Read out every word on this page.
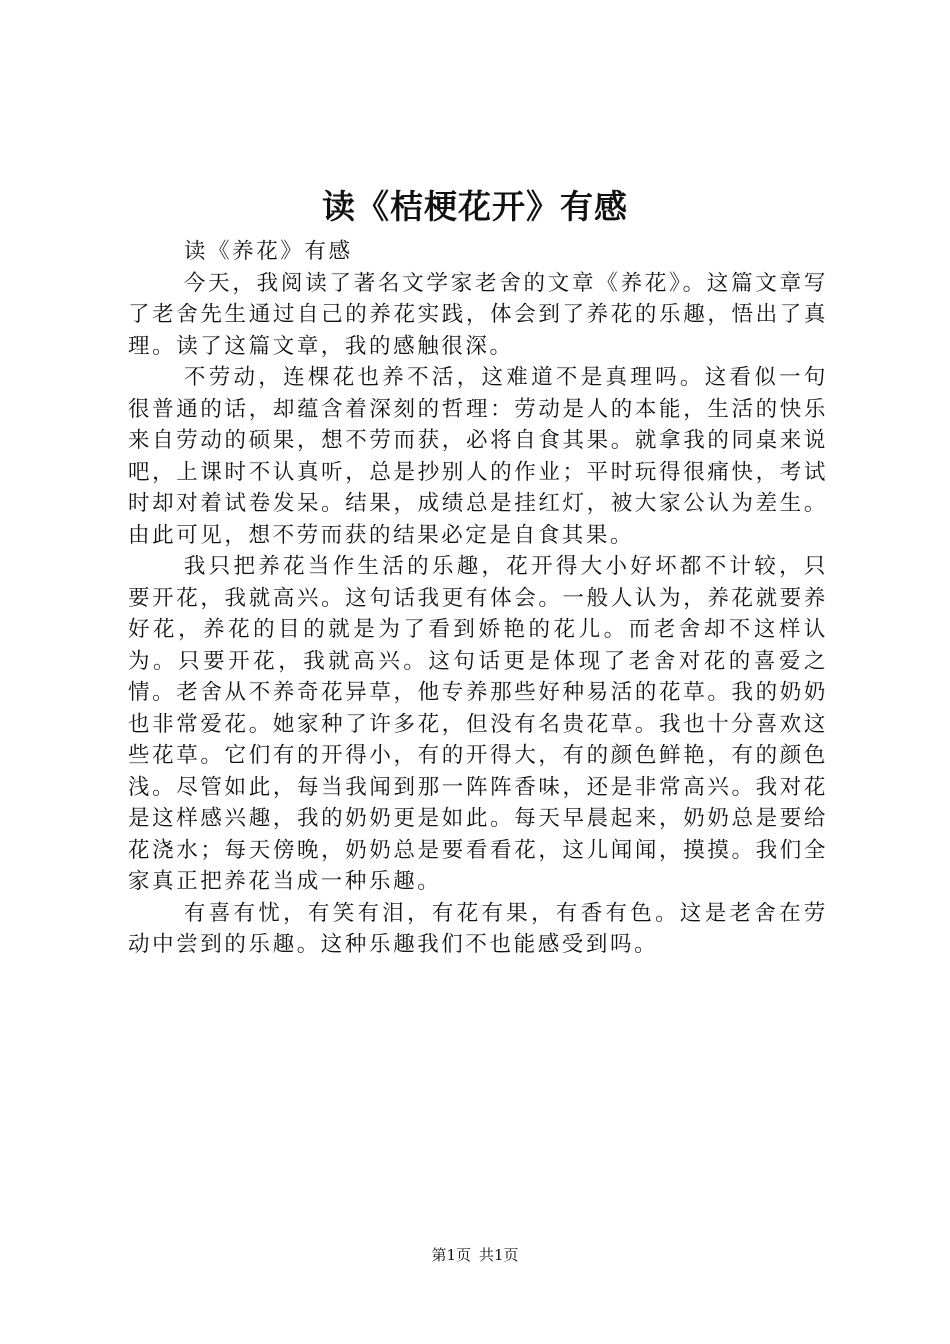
读《桔梗花开》有感

读《养花》有感

今天，我阅读了著名文学家老舍的文章《养花》。这篇文章写了老舍先生通过自己的养花实践，体会到了养花的乐趣，悟出了真理。读了这篇文章，我的感触很深。

不劳动，连棵花也养不活，这难道不是真理吗。这看似一句很普通的话，却蕴含着深刻的哲理：劳动是人的本能，生活的快乐来自劳动的硕果，想不劳而获，必将自食其果。就拿我的同桌来说吧，上课时不认真听，总是抄别人的作业；平时玩得很痛快，考试时却对着试卷发呆。结果，成绩总是挂红灯，被大家公认为差生。由此可见，想不劳而获的结果必定是自食其果。

我只把养花当作生活的乐趣，花开得大小好坏都不计较，只要开花，我就高兴。这句话我更有体会。一般人认为，养花就要养好花，养花的目的就是为了看到娇艳的花儿。而老舍却不这样认为。只要开花，我就高兴。这句话更是体现了老舍对花的喜爱之情。老舍从不养奇花异草，他专养那些好种易活的花草。我的奶奶也非常爱花。她家种了许多花，但没有名贵花草。我也十分喜欢这些花草。它们有的开得小，有的开得大，有的颜色鲜艳，有的颜色浅。尽管如此，每当我闻到那一阵阵香味，还是非常高兴。我对花是这样感兴趣，我的奶奶更是如此。每天早晨起来，奶奶总是要给花浇水；每天傍晚，奶奶总是要看看花，这儿闻闻，摸摸。我们全家真正把养花当成一种乐趣。

有喜有忧，有笑有泪，有花有果，有香有色。这是老舍在劳动中尝到的乐趣。这种乐趣我们不也能感受到吗。

第1页 共1页
